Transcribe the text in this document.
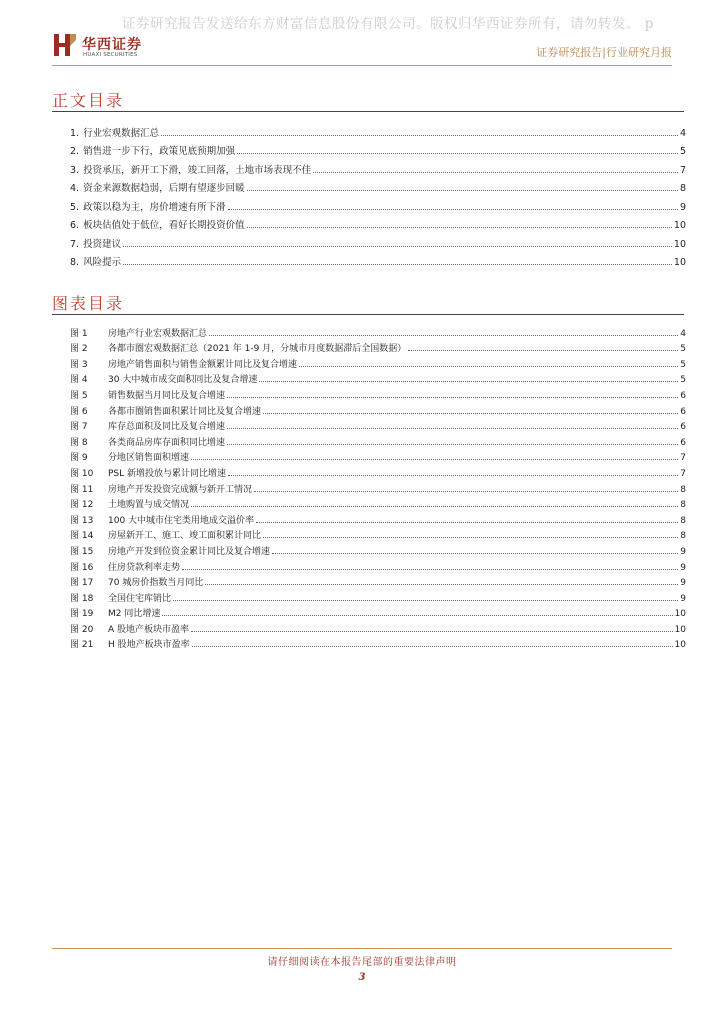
证券研究报告发送给东方财富信息股份有限公司。版权归华西证券所有，请勿转发。 p
华西证券
HUAXI SECURITIES	证券研究报告|行业研究月报
正文目录
1. 行业宏观数据汇总	4
2. 销售进一步下行，政策见底预期加强	5
3. 投资承压，新开工下滑，竣工回落，土地市场表现不佳	7
4. 资金来源数据趋弱，后期有望逐步回暖	8
5. 政策以稳为主，房价增速有所下滑	9
6. 板块估值处于低位，看好长期投资价值	10
7. 投资建议	10
8. 风险提示	10
图表目录
图 1	房地产行业宏观数据汇总	4
图 2	各都市圈宏观数据汇总（2021 年 1-9 月，分城市月度数据滞后全国数据）	5
图 3	房地产销售面积与销售金额累计同比及复合增速	5
图 4	30 大中城市成交面积同比及复合增速	5
图 5	销售数据当月同比及复合增速	6
图 6	各都市圈销售面积累计同比及复合增速	6
图 7	库存总面积及同比及复合增速	6
图 8	各类商品房库存面积同比增速	6
图 9	分地区销售面积增速	7
图 10	PSL 新增投放与累计同比增速	7
图 11	房地产开发投资完成额与新开工情况	8
图 12	土地购置与成交情况	8
图 13	100 大中城市住宅类用地成交溢价率	8
图 14	房屋新开工、施工、竣工面积累计同比	8
图 15	房地产开发到位资金累计同比及复合增速	9
图 16	住房贷款利率走势	9
图 17	70 城房价指数当月同比	9
图 18	全国住宅库销比	9
图 19	M2 同比增速	10
图 20	A 股地产板块市盈率	10
图 21	H 股地产板块市盈率	10
请仔细阅读在本报告尾部的重要法律声明
3
